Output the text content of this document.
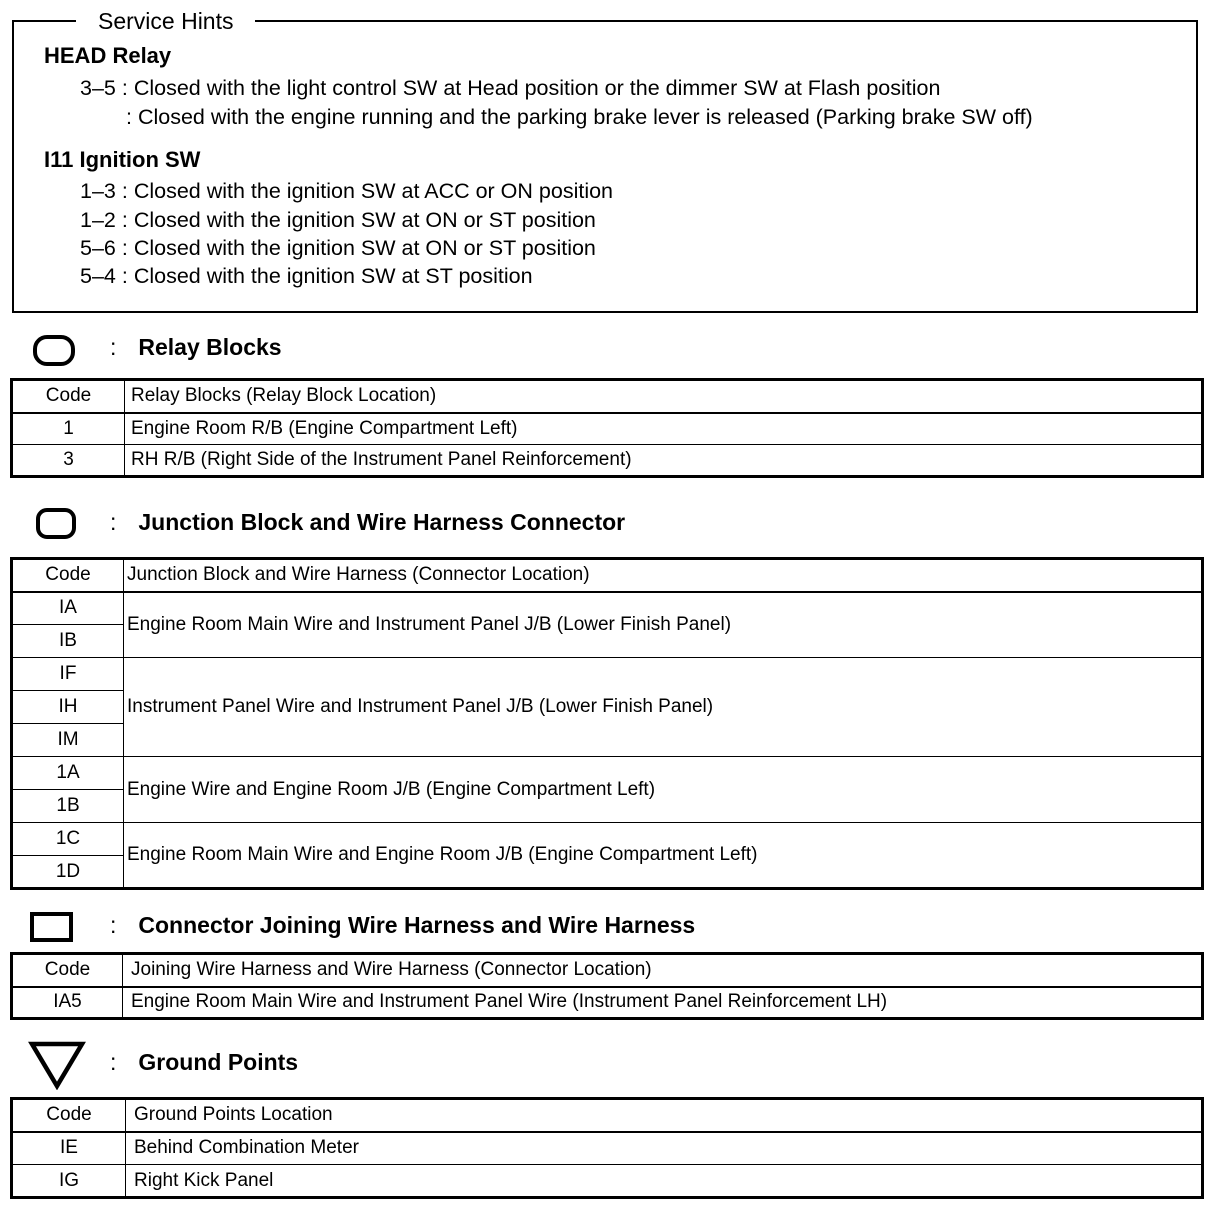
Service Hints
HEAD Relay
3–5 : Closed with the light control SW at Head position or the dimmer SW at Flash position
: Closed with the engine running and the parking brake lever is released (Parking brake SW off)
I11 Ignition SW
1–3 : Closed with the ignition SW at ACC or ON position
1–2 : Closed with the ignition SW at ON or ST position
5–6 : Closed with the ignition SW at ON or ST position
5–4 : Closed with the ignition SW at ST position
: Relay Blocks
Code	Relay Blocks (Relay Block Location)
1	Engine Room R/B (Engine Compartment Left)
3	RH R/B (Right Side of the Instrument Panel Reinforcement)
: Junction Block and Wire Harness Connector
Code	Junction Block and Wire Harness (Connector Location)
IA	Engine Room Main Wire and Instrument Panel J/B (Lower Finish Panel)
IB	
IF	Instrument Panel Wire and Instrument Panel J/B (Lower Finish Panel)
IH	
IM	
1A	Engine Wire and Engine Room J/B (Engine Compartment Left)
1B	
1C	Engine Room Main Wire and Engine Room J/B (Engine Compartment Left)
1D	
: Connector Joining Wire Harness and Wire Harness
Code	Joining Wire Harness and Wire Harness (Connector Location)
IA5	Engine Room Main Wire and Instrument Panel Wire (Instrument Panel Reinforcement LH)
: Ground Points
Code	Ground Points Location
IE	Behind Combination Meter
IG	Right Kick Panel
